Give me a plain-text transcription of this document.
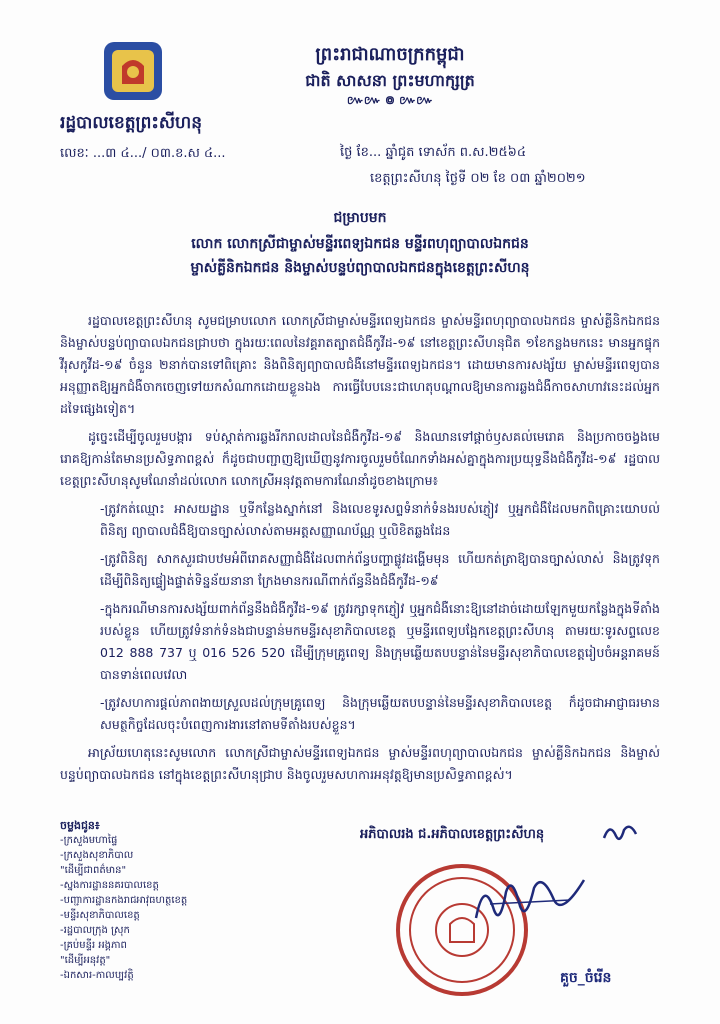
ព្រះរាជាណាចក្រកម្ពុជា
ជាតិ សាសនា ព្រះមហាក្សត្រ
៚៚ ៙ ៚៚
រដ្ឋបាលខេត្តព្រះសីហនុ
លេខៈ ...៣ ៤.../ ០៣.ខ.ស ៤...	ថ្ងៃ ខែ... ឆ្នាំជូត ទោស័ក ព.ស.២៥៦៤
ខេត្តព្រះសីហនុ ថ្ងៃទី ០២ ខែ ០៣ ឆ្នាំ២០២១
ជម្រាបមក
លោក លោកស្រីជាម្ចាស់មន្ទីរពេទ្យឯកជន មន្ទីរពហុព្យាបាលឯកជន
ម្ចាស់គ្លីនិកឯកជន និងម្ចាស់បន្ទប់ព្យាបាលឯកជនក្នុងខេត្តព្រះសីហនុ

រដ្ឋបាលខេត្តព្រះសីហនុ សូមជម្រាបលោក លោកស្រីជាម្ចាស់មន្ទីរពេទ្យឯកជន ម្ចាស់មន្ទីរពហុព្យាបាលឯកជន ម្ចាស់គ្លីនិកឯកជន និងម្ចាស់បន្ទប់ព្យាបាលឯកជនជ្រាបថា ក្នុងរយៈពេលនៃវគ្គរាតត្បាតជំងឺកូវីដ-១៩ នៅខេត្តព្រះសីហនុជិត ១ខែកន្លងមកនេះ មានអ្នកផ្ទុកវីរុសកូវីដ-១៩ ចំនួន ២នាក់បានទៅពិគ្រោះ និងពិនិត្យព្យាបាលជំងឺនៅមន្ទីរពេទ្យឯកជន។ ដោយមានការសង្ស័យ ម្ចាស់មន្ទីរពេទ្យបានអនុញ្ញាតឱ្យអ្នកជំងឺចាកចេញទៅយកសំណាកដោយខ្លួនឯង ការធ្វើបែបនេះជាហេតុបណ្តាលឱ្យមានការឆ្លងជំងឺកាចសាហាវនេះដល់អ្នកដទៃផ្សេងទៀត។

ដូច្នេះដើម្បីចូលរួមបង្ការ ទប់ស្កាត់ការឆ្លងរីករាលដាលនៃជំងឺកូវីដ-១៩ និងឈានទៅផ្តាច់ឫសគល់មេរោគ និងប្រកាចចង្វងមេរោគឱ្យកាន់តែមានប្រសិទ្ធភាពខ្ពស់ ក៏ដូចជាបញ្ជាញឱ្យឃើញនូវការចូលរួមចំណែកទាំងអស់គ្នាក្នុងការប្រយុទ្ធនឹងជំងឺកូវីដ-១៩ រដ្ឋបាលខេត្តព្រះសីហនុសូមណែនាំដល់លោក លោកស្រីអនុវត្តតាមការណែនាំដូចខាងក្រោម៖

-ត្រូវកត់ឈ្មោះ អាសយដ្ឋាន ឬទីកន្លែងស្នាក់នៅ និងលេខទូរសព្ទទំនាក់ទំនងរបស់ភ្ញៀវ ឬអ្នកជំងឺដែលមកពិគ្រោះយោបល់ ពិនិត្យ ព្យាបាលជំងឺឱ្យបានច្បាស់លាស់តាមអត្តសញ្ញាណប័ណ្ណ ឬលិខិតឆ្លងដែន

-ត្រូវពិនិត្យ សាកសួរជាបឋមអំពីរោគសញ្ញាជំងឺដែលពាក់ព័ន្ធបញ្ហាផ្លូវដង្ហើមមុន ហើយកត់ត្រាឱ្យបានច្បាស់លាស់ និងត្រូវទុកដើម្បីពិនិត្យផ្ទៀងផ្ទាត់ទិន្នន័យនានា ក្រែងមានករណីពាក់ព័ន្ធនឹងជំងឺកូវីដ-១៩

-ក្នុងករណីមានការសង្ស័យពាក់ព័ន្ធនឹងជំងឺកូវីដ-១៩ ត្រូវរក្សាទុកភ្ញៀវ ឬអ្នកជំងឺនោះឱ្យនៅដាច់ដោយឡែកមួយកន្លែងក្នុងទីតាំងរបស់ខ្លួន ហើយត្រូវទំនាក់ទំនងជាបន្ទាន់មកមន្ទីរសុខាភិបាលខេត្ត ឬមន្ទីរពេទ្យបង្អែកខេត្តព្រះសីហនុ តាមរយៈទូរសព្ទលេខ 012 888 737 ឬ 016 526 520 ដើម្បីក្រុមគ្រូពេទ្យ និងក្រុមឆ្លើយតបបន្ទាន់នៃមន្ទីរសុខាភិបាលខេត្តរៀបចំអន្តរាគមន៍បានទាន់ពេលវេលា

-ត្រូវសហការផ្តល់ភាពងាយស្រួលដល់ក្រុមគ្រូពេទ្យ និងក្រុមឆ្លើយតបបន្ទាន់នៃមន្ទីរសុខាភិបាលខេត្ត ក៏ដូចជាអាជ្ញាធរមានសមត្ថកិច្ចដែលចុះបំពេញការងារនៅតាមទីតាំងរបស់ខ្លួន។

អាស្រ័យហេតុនេះសូមលោក លោកស្រីជាម្ចាស់មន្ទីរពេទ្យឯកជន ម្ចាស់មន្ទីរពហុព្យាបាលឯកជន ម្ចាស់គ្លីនិកឯកជន និងម្ចាស់បន្ទប់ព្យាបាលឯកជន នៅក្នុងខេត្តព្រះសីហនុជ្រាប និងចូលរួមសហការអនុវត្តឱ្យមានប្រសិទ្ធភាពខ្ពស់។

ចម្លងជូន៖
-ក្រសួងមហាផ្ទៃ
-ក្រសួងសុខាភិបាល
"ដើម្បីជាពត៌មាន"
-ស្នងការដ្ឋាននគរបាលខេត្ត
-បញ្ជាការដ្ឋានកងរាជអាវុធហត្ថខេត្ត
-មន្ទីរសុខាភិបាលខេត្ត
-រដ្ឋបាលក្រុង ស្រុក
-គ្រប់មន្ទីរ អង្គភាព
"ដើម្បីអនុវត្ត"
-ឯកសារ-កាលប្បវត្តិ
អភិបាលរង ជ.អភិបាលខេត្តព្រះសីហនុ
គួច_ចំរើន
